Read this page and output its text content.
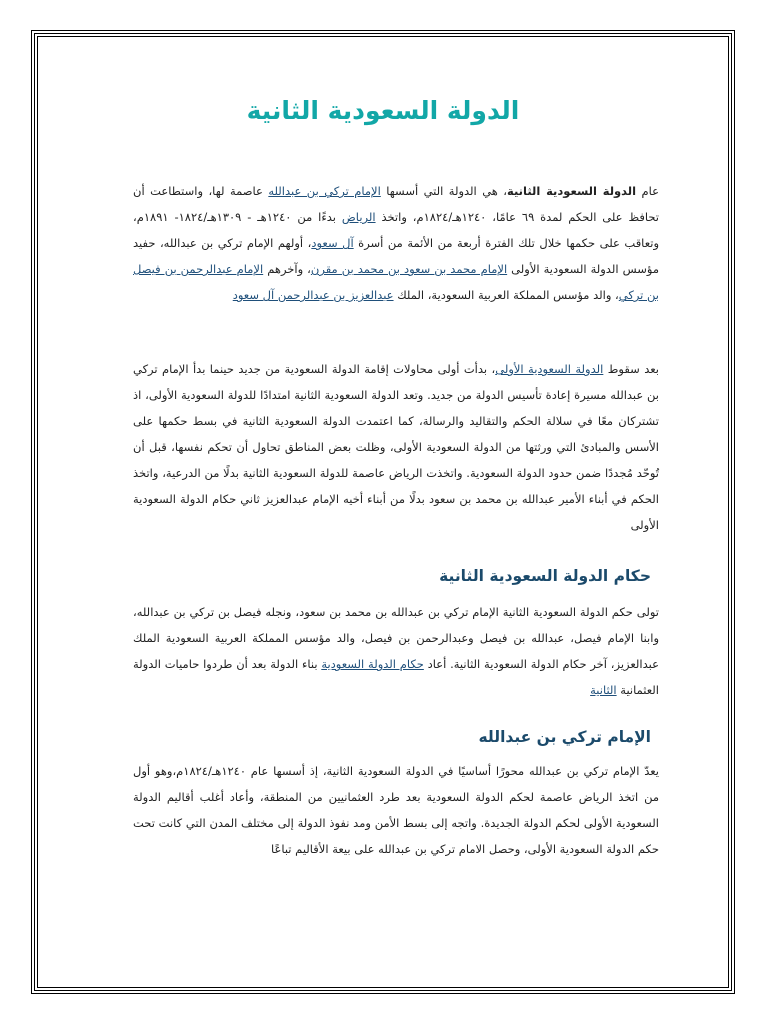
الدولة السعودية الثانية

عام الدولة السعودية الثانية، هي الدولة التي أسسها الإمام تركي بن عبدالله عاصمة لها، واستطاعت أن تحافظ على الحكم لمدة ٦٩ عامًا، ١٢٤٠هـ/١٨٢٤م، واتخذ الرياض بدءًا من ١٢٤٠هـ - ١٣٠٩هـ/١٨٢٤- ١٨٩١م، وتعاقب على حكمها خلال تلك الفترة أربعة من الأئمة من أسرة آل سعود، أولهم الإمام تركي بن عبدالله، حفيد مؤسس الدولة السعودية الأولى الإمام محمد بن سعود بن محمد بن مقرن، وآخرهم الإمام عبدالرحمن بن فيصل بن تركي، والد مؤسس المملكة العربية السعودية، الملك عبدالعزيز بن عبدالرحمن آل سعود

بعد سقوط الدولة السعودية الأولى، بدأت أولى محاولات إقامة الدولة السعودية من جديد حينما بدأ الإمام تركي بن عبدالله مسيرة إعادة تأسيس الدولة من جديد. وتعد الدولة السعودية الثانية امتدادًا للدولة السعودية الأولى، اذ تشتركان معًا في سلالة الحكم والتقاليد والرسالة، كما اعتمدت الدولة السعودية الثانية في بسط حكمها على الأسس والمبادئ التي ورثتها من الدولة السعودية الأولى، وظلت بعض المناطق تحاول أن تحكم نفسها، قبل أن تُوحّد مُجددًا ضمن حدود الدولة السعودية. واتخذت الرياض عاصمة للدولة السعودية الثانية بدلًا من الدرعية، واتخذ الحكم في أبناء الأمير عبدالله بن محمد بن سعود بدلًا من أبناء أخيه الإمام عبدالعزيز ثاني حكام الدولة السعودية الأولى

حكام الدولة السعودية الثانية

تولى حكم الدولة السعودية الثانية الإمام تركي بن عبدالله بن محمد بن سعود، ونجله فيصل بن تركي بن عبدالله، وابنا الإمام فيصل، عبدالله بن فيصل وعبدالرحمن بن فيصل، والد مؤسس المملكة العربية السعودية الملك عبدالعزيز، آخر حكام الدولة السعودية الثانية. أعاد حكام الدولة السعودية بناء الدولة بعد أن طردوا حاميات الدولة العثمانية الثانية

الإمام تركي بن عبدالله

يعدّ الإمام تركي بن عبدالله محورًا أساسيًا في الدولة السعودية الثانية، إذ أسسها عام ١٢٤٠هـ/١٨٢٤م،وهو أول من اتخذ الرياض عاصمة لحكم الدولة السعودية بعد طرد العثمانيين من المنطقة، وأعاد أغلب أقاليم الدولة السعودية الأولى لحكم الدولة الجديدة. واتجه إلى بسط الأمن ومد نفوذ الدولة إلى مختلف المدن التي كانت تحت حكم الدولة السعودية الأولى، وحصل الامام تركي بن عبدالله على بيعة الأقاليم تباعًا
